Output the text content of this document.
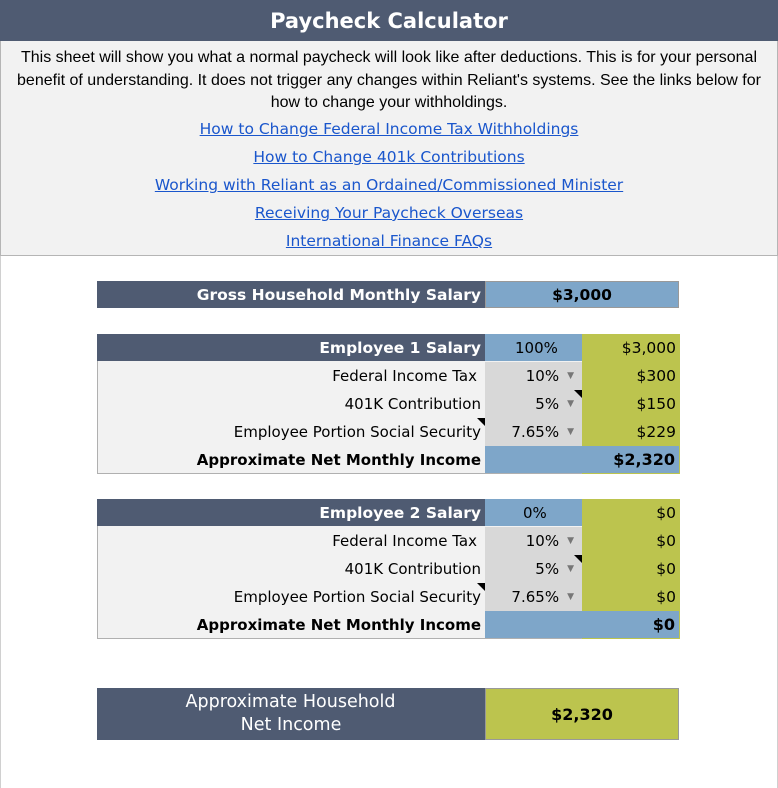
Paycheck Calculator
This sheet will show you what a normal paycheck will look like after deductions. This is for your personal benefit of understanding. It does not trigger any changes within Reliant's systems. See the links below for how to change your withholdings.
How to Change Federal Income Tax Withholdings
How to Change 401k Contributions
Working with Reliant as an Ordained/Commissioned Minister
Receiving Your Paycheck Overseas
International Finance FAQs
Gross Household Monthly Salary	$3,000
Employee 1 Salary	100%	$3,000
Federal Income Tax	10% ▼	$300
401K Contribution	5% ▼	$150
Employee Portion Social Security 7.65% ▼	$229
Approximate Net Monthly Income	$2,320
Employee 2 Salary	0%	$0
Federal Income Tax	10% ▼	$0
401K Contribution	5% ▼	$0
Employee Portion Social Security 7.65% ▼	$0
Approximate Net Monthly Income	$0
Approximate Household
Net Income
$2,320
